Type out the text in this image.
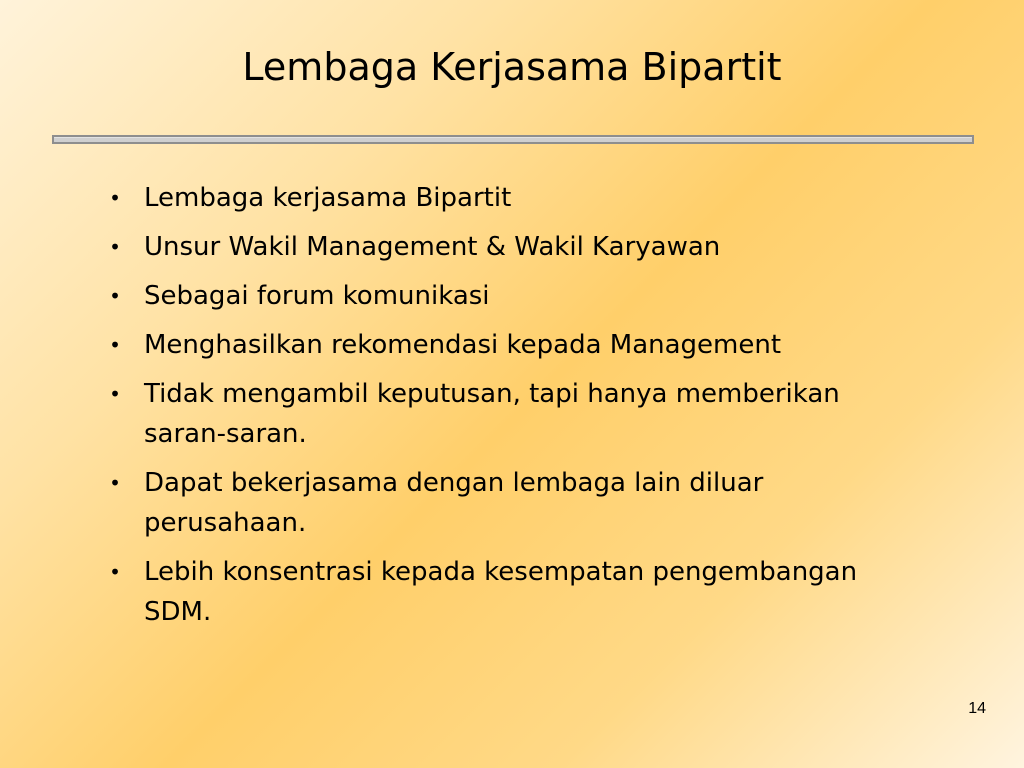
Lembaga Kerjasama Bipartit
• Lembaga kerjasama Bipartit
• Unsur Wakil Management & Wakil Karyawan
• Sebagai forum komunikasi
• Menghasilkan rekomendasi kepada Management
• Tidak mengambil keputusan, tapi hanya memberikan saran-saran.
• Dapat bekerjasama dengan lembaga lain diluar perusahaan.
• Lebih konsentrasi kepada kesempatan pengembangan SDM.
14
